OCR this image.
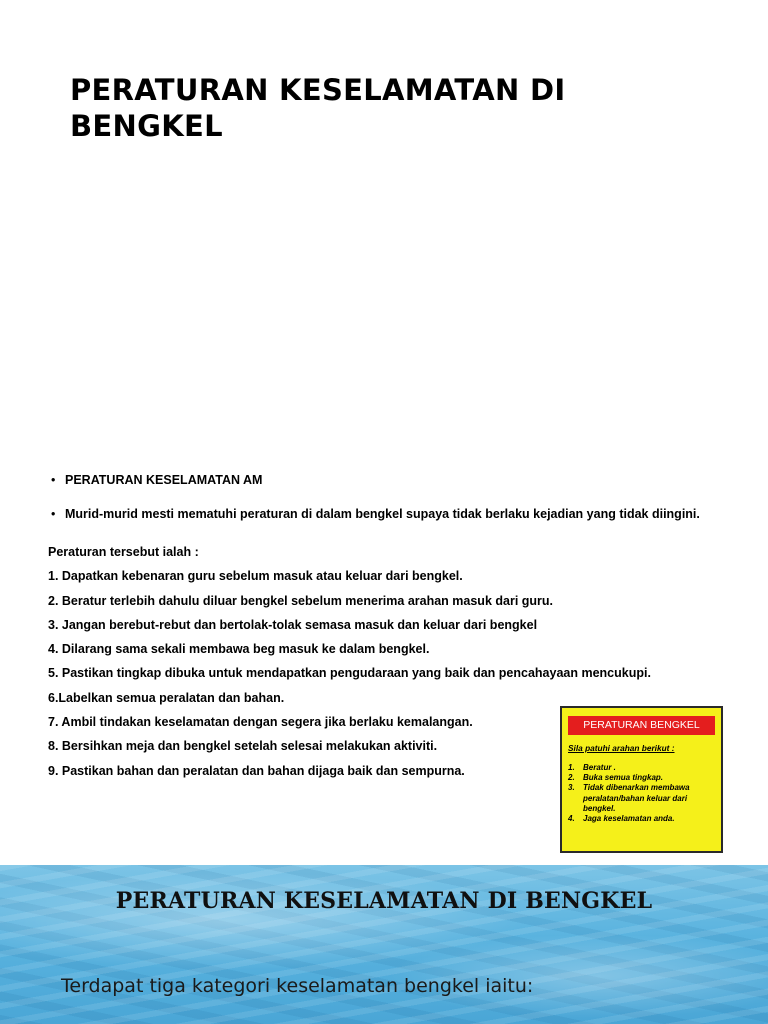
PERATURAN KESELAMATAN DI BENGKEL
• PERATURAN KESELAMATAN AM
• Murid-murid mesti mematuhi peraturan di dalam bengkel supaya tidak berlaku kejadian yang tidak diingini.
Peraturan tersebut ialah :
1. Dapatkan kebenaran guru sebelum masuk atau keluar dari bengkel.
2. Beratur terlebih dahulu diluar bengkel sebelum menerima arahan masuk dari guru.
3. Jangan berebut-rebut dan bertolak-tolak semasa masuk dan keluar dari bengkel
4. Dilarang sama sekali membawa beg masuk ke dalam bengkel.
5. Pastikan tingkap dibuka untuk mendapatkan pengudaraan yang baik dan pencahayaan mencukupi.
6.Labelkan semua peralatan dan bahan.
7. Ambil tindakan keselamatan dengan segera jika berlaku kemalangan.
8. Bersihkan meja dan bengkel setelah selesai melakukan aktiviti.
9. Pastikan bahan dan peralatan dan bahan dijaga baik dan sempurna.
PERATURAN BENGKEL
Sila patuhi arahan berikut :
1. Beratur .
2. Buka semua tingkap.
3. Tidak dibenarkan membawa peralatan/bahan keluar dari bengkel.
4. Jaga keselamatan anda.
PERATURAN KESELAMATAN DI BENGKEL
Terdapat tiga kategori keselamatan bengkel iaitu:
